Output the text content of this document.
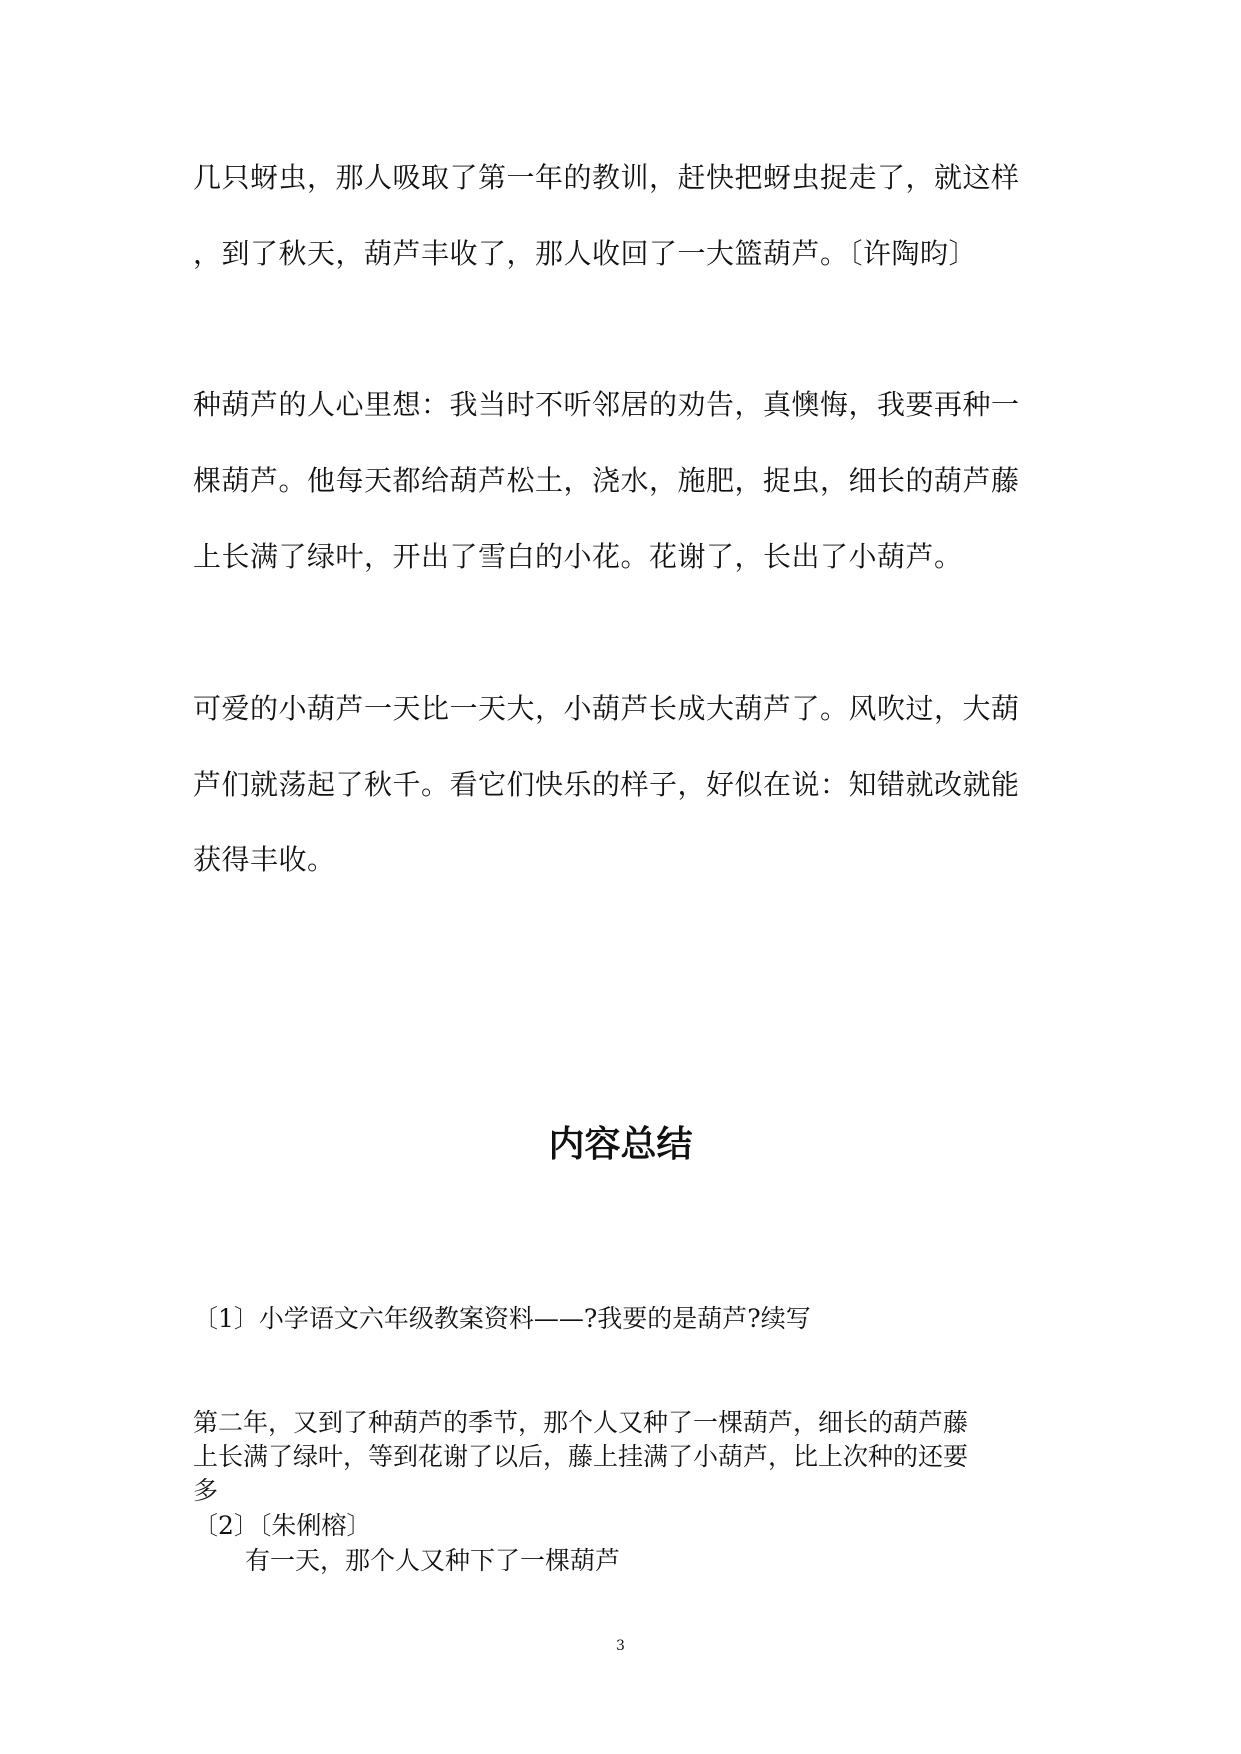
几只蚜虫，那人吸取了第一年的教训，赶快把蚜虫捉走了，就这样

，到了秋天，葫芦丰收了，那人收回了一大篮葫芦。〔许陶昀〕

种葫芦的人心里想：我当时不听邻居的劝告，真懊悔，我要再种一

棵葫芦。他每天都给葫芦松土，浇水，施肥，捉虫，细长的葫芦藤

上长满了绿叶，开出了雪白的小花。花谢了，长出了小葫芦。

可爱的小葫芦一天比一天大，小葫芦长成大葫芦了。风吹过，大葫

芦们就荡起了秋千。看它们快乐的样子，好似在说：知错就改就能

获得丰收。

内容总结

〔1〕小学语文六年级教案资料——?我要的是葫芦?续写

第二年，又到了种葫芦的季节，那个人又种了一棵葫芦，细长的葫芦藤

上长满了绿叶，等到花谢了以后，藤上挂满了小葫芦，比上次种的还要

多

〔2〕〔朱俐榕〕

有一天，那个人又种下了一棵葫芦

3
